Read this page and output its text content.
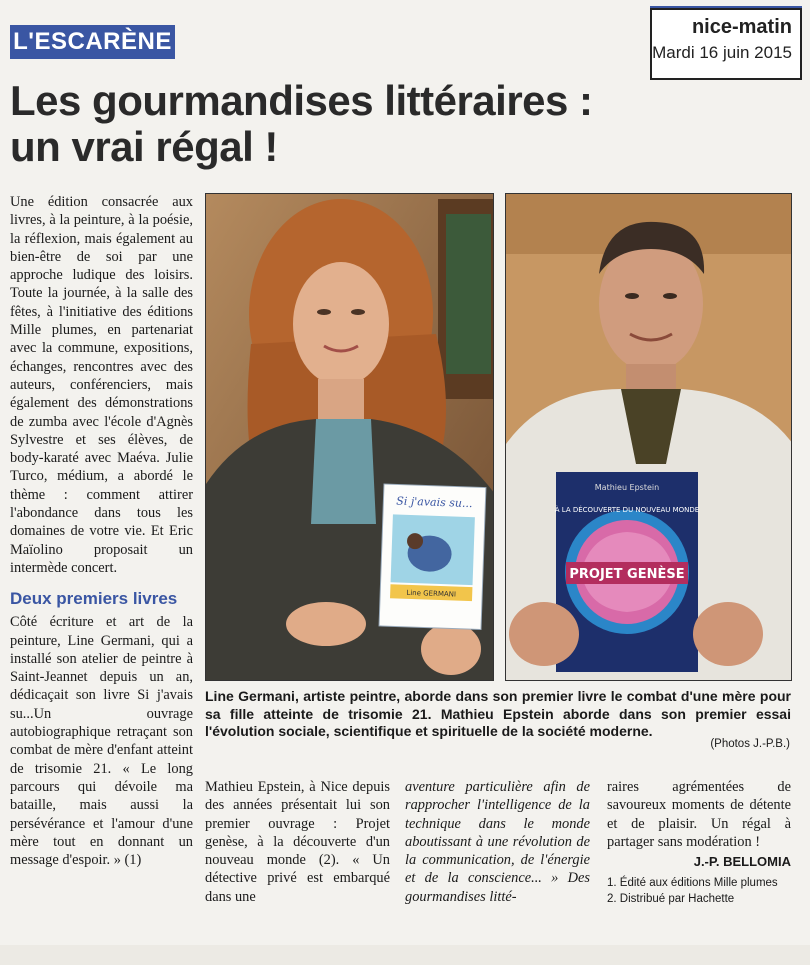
L'ESCARÈNE
nice-matin
Mardi 16 juin 2015
Les gourmandises littéraires : un vrai régal !

Une édition consacrée aux livres, à la peinture, à la poésie, la réflexion, mais également au bien-être de soi par une approche ludique des loisirs. Toute la journée, à la salle des fêtes, à l'initiative des éditions Mille plumes, en partenariat avec la commune, expositions, échanges, rencontres avec des auteurs, conférenciers, mais également des démonstrations de zumba avec l'école d'Agnès Sylvestre et ses élèves, de body-karaté avec Maéva. Julie Turco, médium, a abordé le thème : comment attirer l'abondance dans tous les domaines de votre vie. Et Eric Maïolino proposait un intermède concert.

Deux premiers livres

Côté écriture et art de la peinture, Line Germani, qui a installé son atelier de peintre à Saint-Jeannet depuis un an, dédicaçait son livre Si j'avais su...Un ouvrage autobiographique retraçant son combat de mère d'enfant atteint de trisomie 21. « Le long parcours qui dévoile ma bataille, mais aussi la persévérance et l'amour d'une mère tout en donnant un message d'espoir. » (1)

Si j'avais su...
Line GERMANI
Mathieu Epstein
À LA DÉCOUVERTE DU NOUVEAU MONDE
PROJET GENÈSE
Line Germani, artiste peintre, aborde dans son premier livre le combat d'une mère pour sa fille atteinte de trisomie 21. Mathieu Epstein aborde dans son premier essai l'évolution sociale, scientifique et spirituelle de la société moderne.
(Photos J.-P.B.)
Mathieu Epstein, à Nice depuis des années présentait lui son premier ouvrage : Projet genèse, à la découverte d'un nouveau monde (2). « Un détective privé est embarqué dans une
aventure particulière afin de rapprocher l'intelligence de la technique dans le monde aboutissant à une révolution de la communication, de l'énergie et de la conscience... » Des gourmandises litté-

raires agrémentées de savoureux moments de détente et de plaisir. Un régal à partager sans modération !

J.-P. BELLOMIA
1. Édité aux éditions Mille plumes
2. Distribué par Hachette
